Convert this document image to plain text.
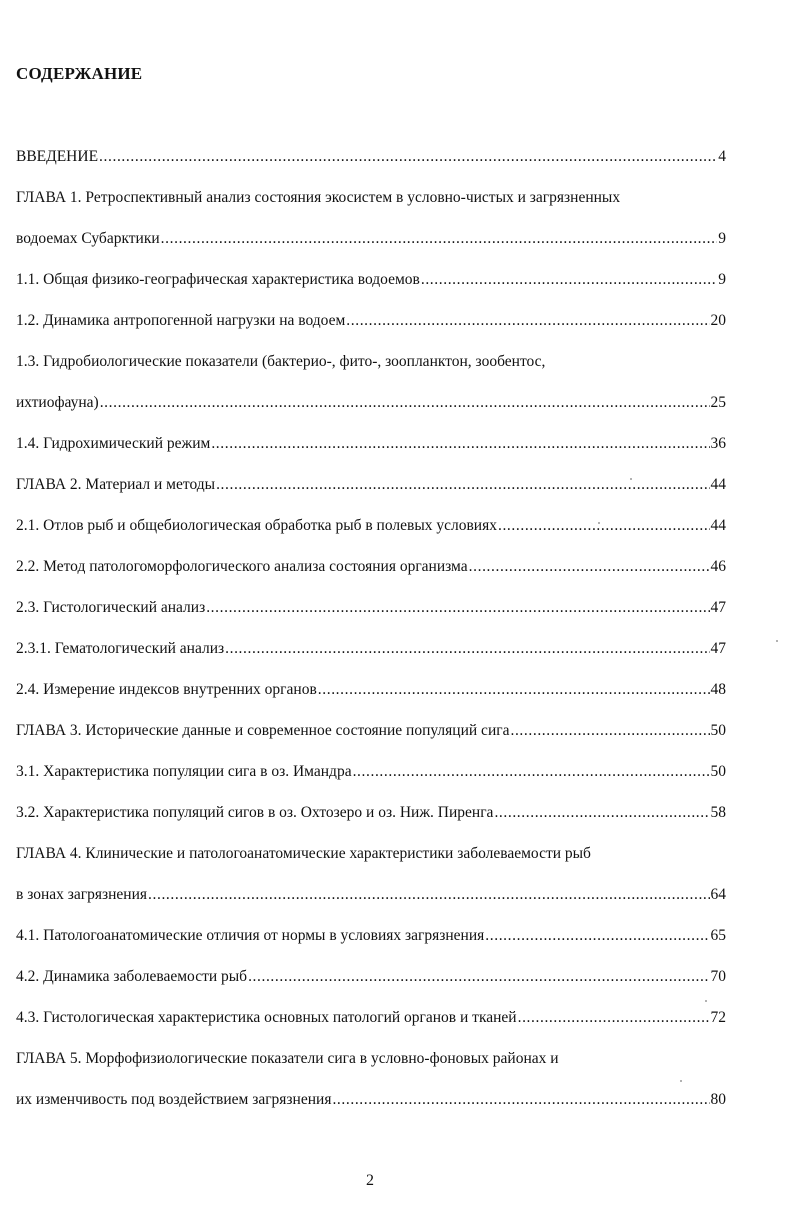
СОДЕРЖАНИЕ
ВВЕДЕНИЕ .....	4
ГЛАВА 1. Ретроспективный анализ состояния экосистем в условно-чистых и загрязненных
водоемах Субарктики .....	9
1.1. Общая физико-географическая характеристика водоемов .....	9
1.2. Динамика антропогенной нагрузки на водоем .....	20
1.3. Гидробиологические показатели (бактерио-, фито-, зоопланктон, зообентос,
ихтиофауна) .....	25
1.4. Гидрохимический режим .....	36
ГЛАВА 2. Материал и методы .....	44
2.1. Отлов рыб и общебиологическая обработка рыб в полевых условиях .....	44
2.2. Метод патологоморфологического анализа состояния организма .....	46
2.3. Гистологический анализ .....	47
2.3.1. Гематологический анализ .....	47
2.4. Измерение индексов внутренних органов .....	48
ГЛАВА 3. Исторические данные и современное состояние популяций сига .....	50
3.1. Характеристика популяции сига в оз. Имандра .....	50
3.2. Характеристика популяций сигов в оз. Охтозеро и оз. Ниж. Пиренга .....	58
ГЛАВА 4. Клинические и патологоанатомические характеристики заболеваемости рыб
в зонах загрязнения .....	64
4.1. Патологоанатомические отличия от нормы в условиях загрязнения .....	65
4.2. Динамика заболеваемости рыб .....	70
4.3. Гистологическая характеристика основных патологий органов и тканей .....	72
ГЛАВА 5. Морфофизиологические показатели сига в условно-фоновых районах и
их изменчивость под воздействием загрязнения .....	80
2
